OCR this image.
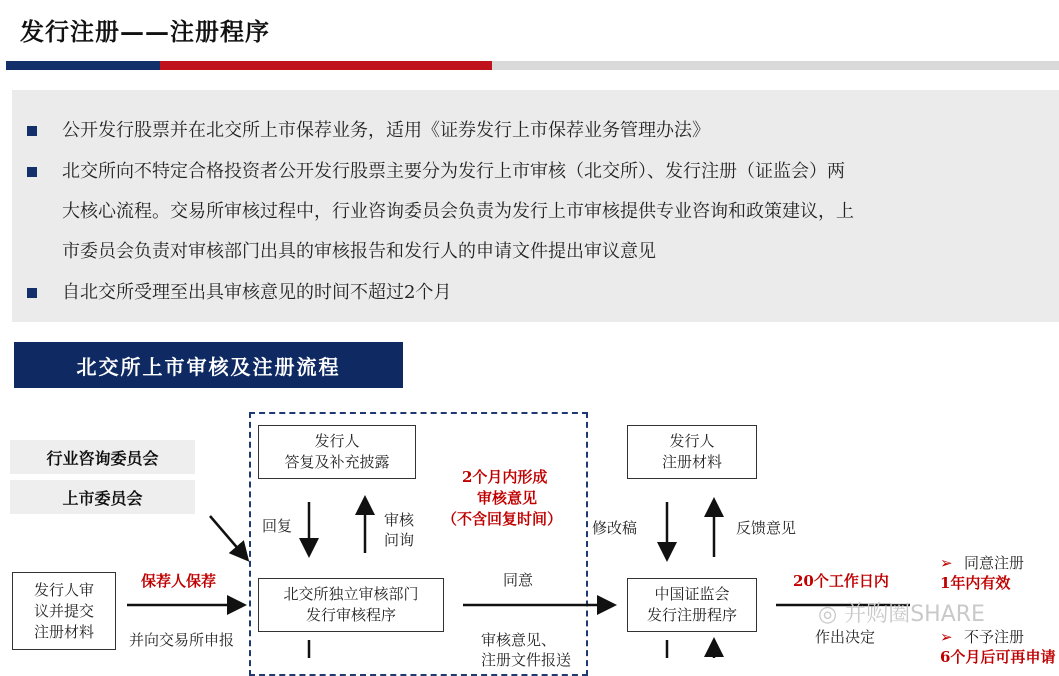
发行注册——注册程序
公开发行股票并在北交所上市保荐业务，适用《证券发行上市保荐业务管理办法》
北交所向不特定合格投资者公开发行股票主要分为发行上市审核（北交所）、发行注册（证监会）两
大核心流程。交易所审核过程中，行业咨询委员会负责为发行上市审核提供专业咨询和政策建议，上
市委员会负责对审核部门出具的审核报告和发行人的申请文件提出审议意见
自北交所受理至出具审核意见的时间不超过2个月
北交所上市审核及注册流程
行业咨询委员会
上市委员会
发行人审
议并提交
注册材料
保荐人保荐
并向交易所申报
发行人
答复及补充披露
回复	审核
问询
北交所独立审核部门
发行审核程序
2个月内形成
审核意见
（不含回复时间）
同意
审核意见、
注册文件报送
发行人
注册材料
修改稿	反馈意见
中国证监会
发行注册程序
20个工作日内
作出决定
➢ 同意注册
1年内有效
➢ 不予注册
6个月后可再申请
◎ 并购圈SHARE
